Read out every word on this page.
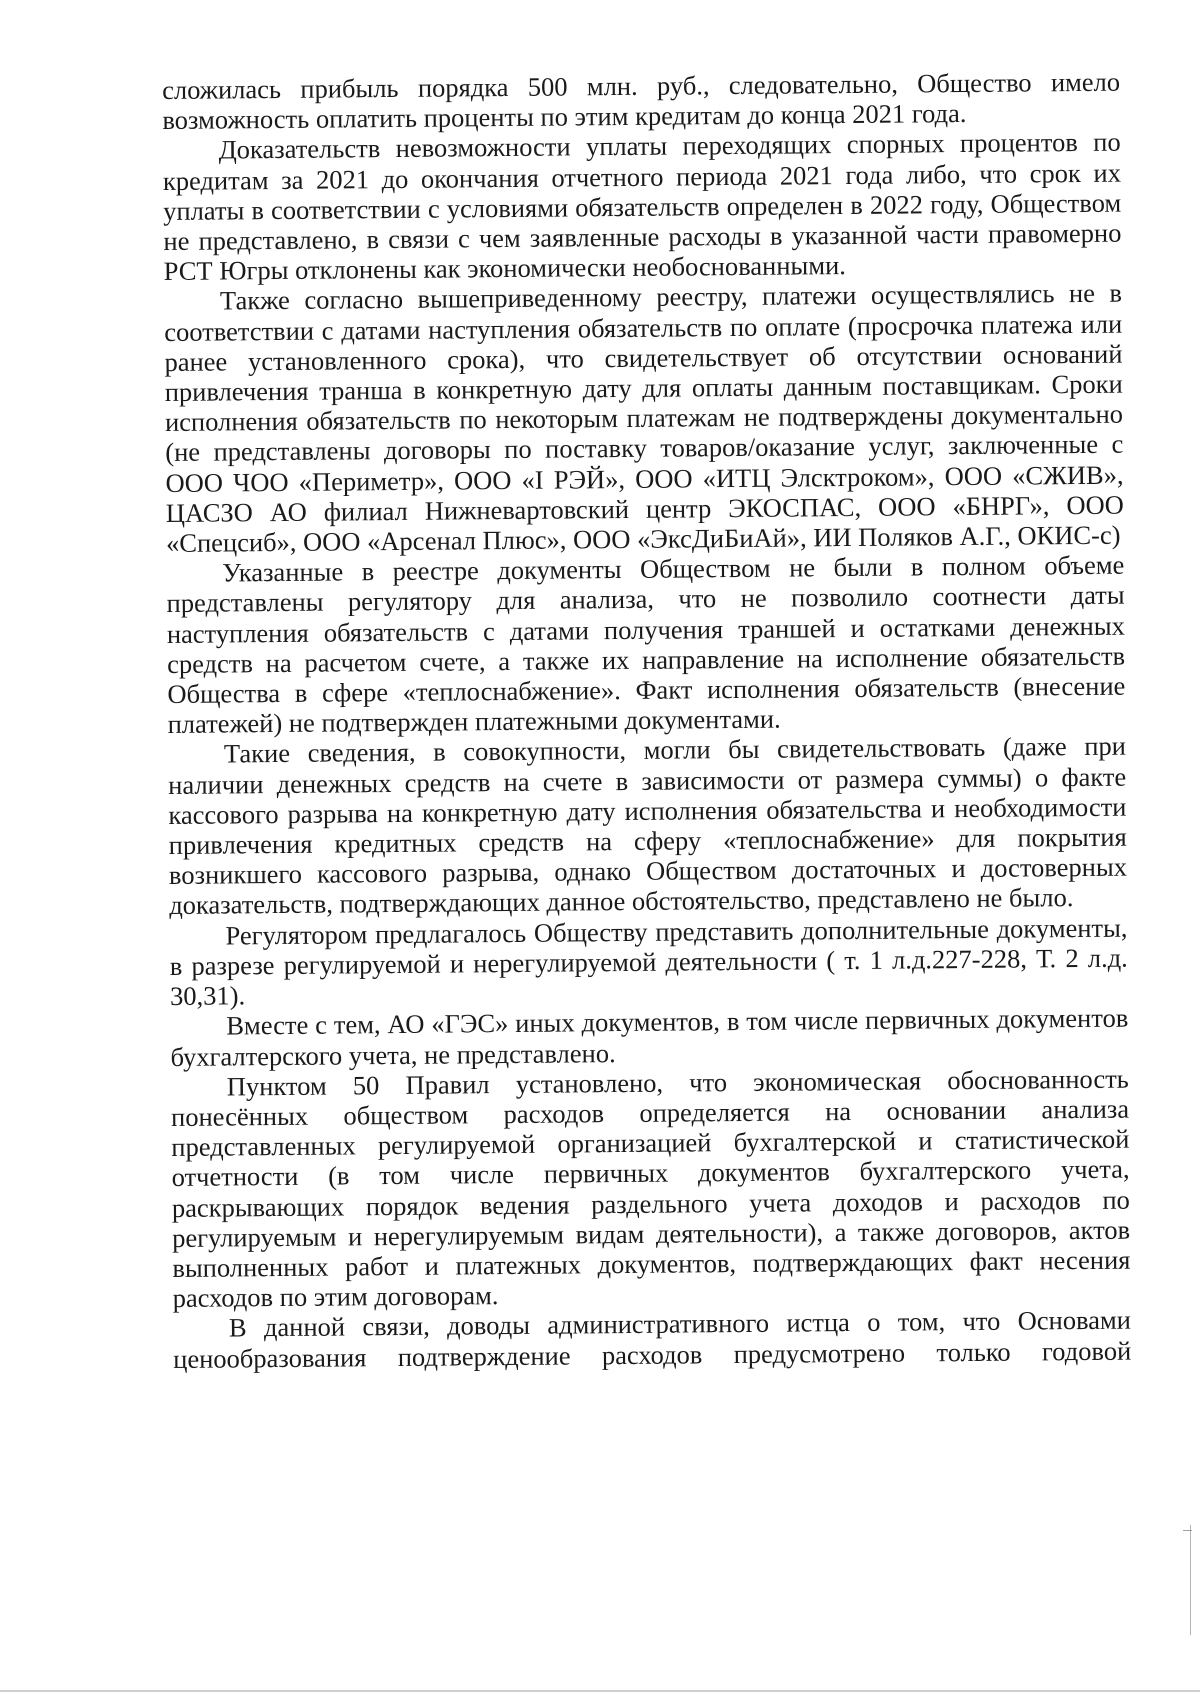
сложилась прибыль порядка 500 млн. руб., следовательно, Общество имело возможность оплатить проценты по этим кредитам до конца 2021 года.

Доказательств невозможности уплаты переходящих спорных процентов по кредитам за 2021 до окончания отчетного периода 2021 года либо, что срок их уплаты в соответствии с условиями обязательств определен в 2022 году, Обществом не представлено, в связи с чем заявленные расходы в указанной части правомерно РСТ Югры отклонены как экономически необоснованными.

Также согласно вышеприведенному реестру, платежи осуществлялись не в соответствии с датами наступления обязательств по оплате (просрочка платежа или ранее установленного срока), что свидетельствует об отсутствии оснований привлечения транша в конкретную дату для оплаты данным поставщикам. Сроки исполнения обязательств по некоторым платежам не подтверждены документально (не представлены договоры по поставку товаров/оказание услуг, заключенные с ООО ЧОО «Периметр», ООО «I РЭЙ», ООО «ИТЦ Элсктроком», ООО «СЖИВ», ЦАСЗО АО филиал Нижневартовский центр ЭКОСПАС, ООО «БНРГ», ООО «Спецсиб», ООО «Арсенал Плюс», ООО «ЭксДиБиАй», ИИ Поляков А.Г., ОКИС-с)

Указанные в реестре документы Обществом не были в полном объеме представлены регулятору для анализа, что не позволило соотнести даты наступления обязательств с датами получения траншей и остатками денежных средств на расчетом счете, а также их направление на исполнение обязательств Общества в сфере «теплоснабжение». Факт исполнения обязательств (внесение платежей) не подтвержден платежными документами.

Такие сведения, в совокупности, могли бы свидетельствовать (даже при наличии денежных средств на счете в зависимости от размера суммы) о факте кассового разрыва на конкретную дату исполнения обязательства и необходимости привлечения кредитных средств на сферу «теплоснабжение» для покрытия возникшего кассового разрыва, однако Обществом достаточных и достоверных доказательств, подтверждающих данное обстоятельство, представлено не было.

Регулятором предлагалось Обществу представить дополнительные документы, в разрезе регулируемой и нерегулируемой деятельности ( т. 1 л.д.227-228, Т. 2 л.д. 30,31).

Вместе с тем, АО «ГЭС» иных документов, в том числе первичных документов бухгалтерского учета, не представлено.

Пунктом 50 Правил установлено, что экономическая обоснованность понесённых обществом расходов определяется на основании анализа представленных регулируемой организацией бухгалтерской и статистической отчетности (в том числе первичных документов бухгалтерского учета, раскрывающих порядок ведения раздельного учета доходов и расходов по регулируемым и нерегулируемым видам деятельности), а также договоров, актов выполненных работ и платежных документов, подтверждающих факт несения расходов по этим договорам.

В данной связи, доводы административного истца о том, что Основами ценообразования подтверждение расходов предусмотрено только годовой
